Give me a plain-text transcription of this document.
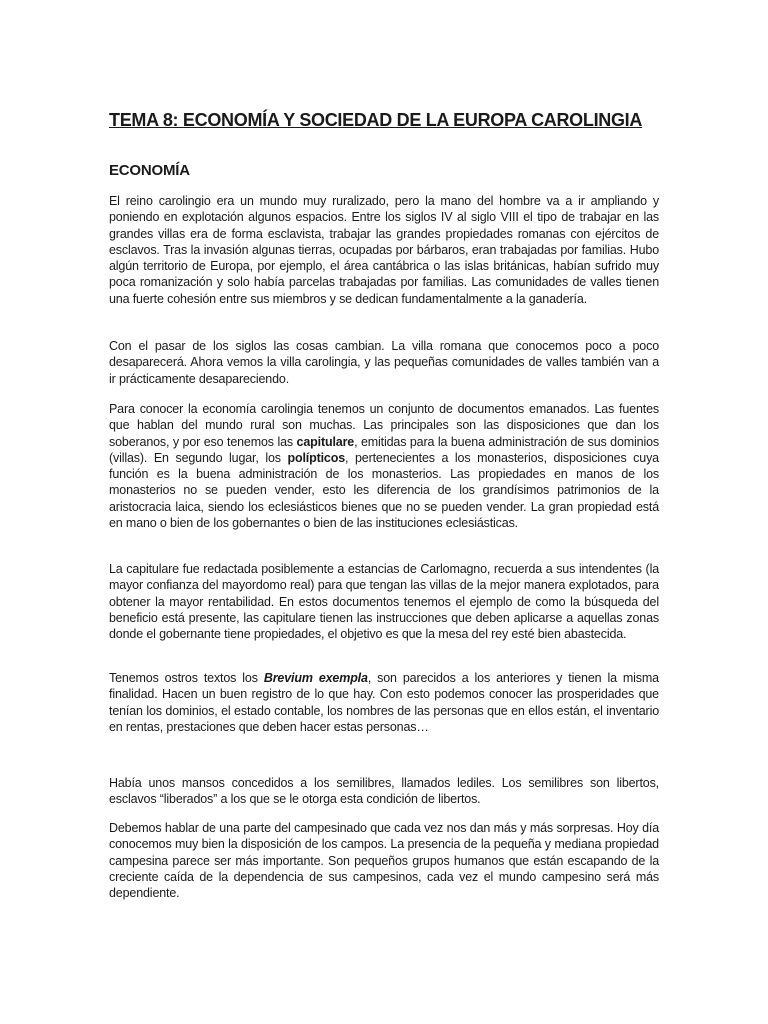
TEMA 8: ECONOMÍA Y SOCIEDAD DE LA EUROPA CAROLINGIA
ECONOMÍA

El reino carolingio era un mundo muy ruralizado, pero la mano del hombre va a ir ampliando y poniendo en explotación algunos espacios. Entre los siglos IV al siglo VIII el tipo de trabajar en las grandes villas era de forma esclavista, trabajar las grandes propiedades romanas con ejércitos de esclavos. Tras la invasión algunas tierras, ocupadas por bárbaros, eran trabajadas por familias. Hubo algún territorio de Europa, por ejemplo, el área cantábrica o las islas británicas, habían sufrido muy poca romanización y solo había parcelas trabajadas por familias. Las comunidades de valles tienen una fuerte cohesión entre sus miembros y se dedican fundamentalmente a la ganadería.

Con el pasar de los siglos las cosas cambian. La villa romana que conocemos poco a poco desaparecerá. Ahora vemos la villa carolingia, y las pequeñas comunidades de valles también van a ir prácticamente desapareciendo.

Para conocer la economía carolingia tenemos un conjunto de documentos emanados. Las fuentes que hablan del mundo rural son muchas. Las principales son las disposiciones que dan los soberanos, y por eso tenemos las capitulare, emitidas para la buena administración de sus dominios (villas). En segundo lugar, los polípticos, pertenecientes a los monasterios, disposiciones cuya función es la buena administración de los monasterios. Las propiedades en manos de los monasterios no se pueden vender, esto les diferencia de los grandísimos patrimonios de la aristocracia laica, siendo los eclesiásticos bienes que no se pueden vender. La gran propiedad está en mano o bien de los gobernantes o bien de las instituciones eclesiásticas.

La capitulare fue redactada posiblemente a estancias de Carlomagno, recuerda a sus intendentes (la mayor confianza del mayordomo real) para que tengan las villas de la mejor manera explotados, para obtener la mayor rentabilidad. En estos documentos tenemos el ejemplo de como la búsqueda del beneficio está presente, las capitulare tienen las instrucciones que deben aplicarse a aquellas zonas donde el gobernante tiene propiedades, el objetivo es que la mesa del rey esté bien abastecida.

Tenemos ostros textos los Brevium exempla, son parecidos a los anteriores y tienen la misma finalidad. Hacen un buen registro de lo que hay. Con esto podemos conocer las prosperidades que tenían los dominios, el estado contable, los nombres de las personas que en ellos están, el inventario en rentas, prestaciones que deben hacer estas personas…

Había unos mansos concedidos a los semilibres, llamados lediles. Los semilibres son libertos, esclavos “liberados” a los que se le otorga esta condición de libertos.

Debemos hablar de una parte del campesinado que cada vez nos dan más y más sorpresas. Hoy día conocemos muy bien la disposición de los campos. La presencia de la pequeña y mediana propiedad campesina parece ser más importante. Son pequeños grupos humanos que están escapando de la creciente caída de la dependencia de sus campesinos, cada vez el mundo campesino será más dependiente.
